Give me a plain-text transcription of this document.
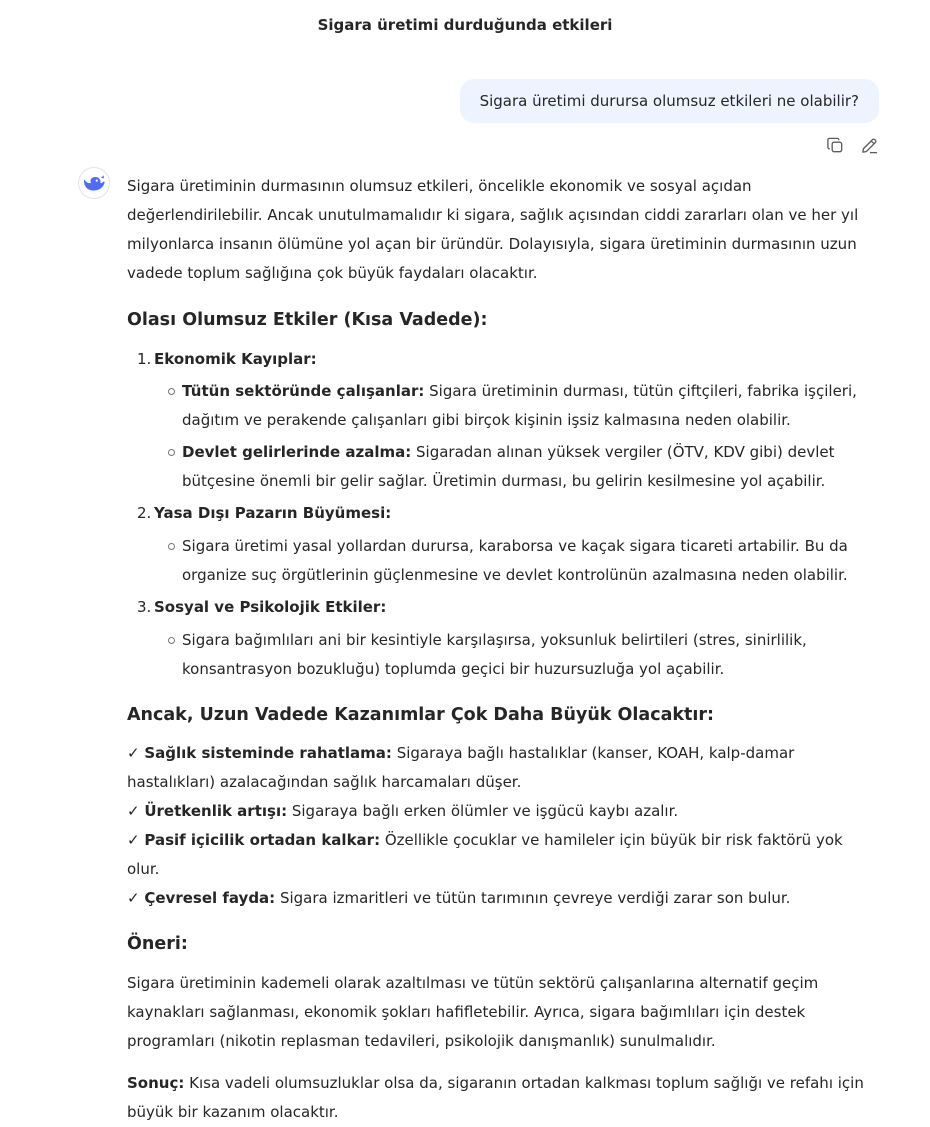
Sigara üretimi durduğunda etkileri
Sigara üretimi durursa olumsuz etkileri ne olabilir?

Sigara üretiminin durmasının olumsuz etkileri, öncelikle ekonomik ve sosyal açıdan değerlendirilebilir. Ancak unutulmamalıdır ki sigara, sağlık açısından ciddi zararları olan ve her yıl milyonlarca insanın ölümüne yol açan bir üründür. Dolayısıyla, sigara üretiminin durmasının uzun vadede toplum sağlığına çok büyük faydaları olacaktır.

Olası Olumsuz Etkiler (Kısa Vadede):
1. Ekonomik Kayıplar:
Tütün sektöründe çalışanlar: Sigara üretiminin durması, tütün çiftçileri, fabrika işçileri, dağıtım ve perakende çalışanları gibi birçok kişinin işsiz kalmasına neden olabilir.
Devlet gelirlerinde azalma: Sigaradan alınan yüksek vergiler (ÖTV, KDV gibi) devlet bütçesine önemli bir gelir sağlar. Üretimin durması, bu gelirin kesilmesine yol açabilir.
2. Yasa Dışı Pazarın Büyümesi:
Sigara üretimi yasal yollardan durursa, karaborsa ve kaçak sigara ticareti artabilir. Bu da organize suç örgütlerinin güçlenmesine ve devlet kontrolünün azalmasına neden olabilir.
3. Sosyal ve Psikolojik Etkiler:
Sigara bağımlıları ani bir kesintiyle karşılaşırsa, yoksunluk belirtileri (stres, sinirlilik, konsantrasyon bozukluğu) toplumda geçici bir huzursuzluğa yol açabilir.
Ancak, Uzun Vadede Kazanımlar Çok Daha Büyük Olacaktır:
✓ Sağlık sisteminde rahatlama: Sigaraya bağlı hastalıklar (kanser, KOAH, kalp-damar hastalıkları) azalacağından sağlık harcamaları düşer.
✓ Üretkenlik artışı: Sigaraya bağlı erken ölümler ve işgücü kaybı azalır.
✓ Pasif içicilik ortadan kalkar: Özellikle çocuklar ve hamileler için büyük bir risk faktörü yok olur.
✓ Çevresel fayda: Sigara izmaritleri ve tütün tarımının çevreye verdiği zarar son bulur.
Öneri:

Sigara üretiminin kademeli olarak azaltılması ve tütün sektörü çalışanlarına alternatif geçim kaynakları sağlanması, ekonomik şokları hafifletebilir. Ayrıca, sigara bağımlıları için destek programları (nikotin replasman tedavileri, psikolojik danışmanlık) sunulmalıdır.

Sonuç: Kısa vadeli olumsuzluklar olsa da, sigaranın ortadan kalkması toplum sağlığı ve refahı için büyük bir kazanım olacaktır.
